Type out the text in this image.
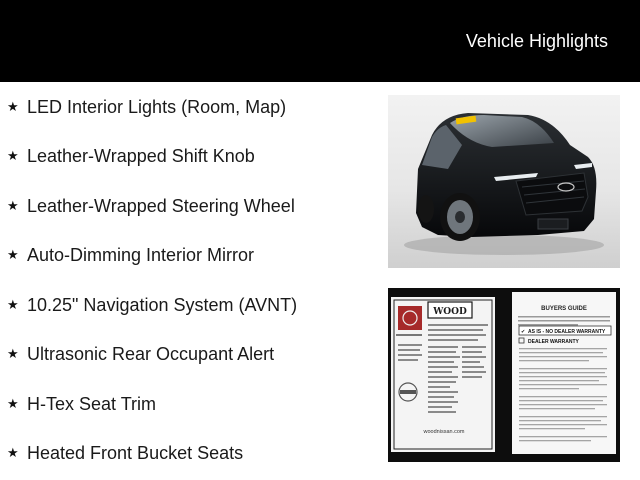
Vehicle Highlights
★ LED Interior Lights (Room, Map)
★ Leather-Wrapped Shift Knob
★ Leather-Wrapped Steering Wheel
★ Auto-Dimming Interior Mirror
★ 10.25" Navigation System (AVNT)
★ Ultrasonic Rear Occupant Alert
★ H-Tex Seat Trim
★ Heated Front Bucket Seats
WOOD
woodnissan.com
BUYERS GUIDE
AS IS - NO DEALER WARRANTY
✔
DEALER WARRANTY
